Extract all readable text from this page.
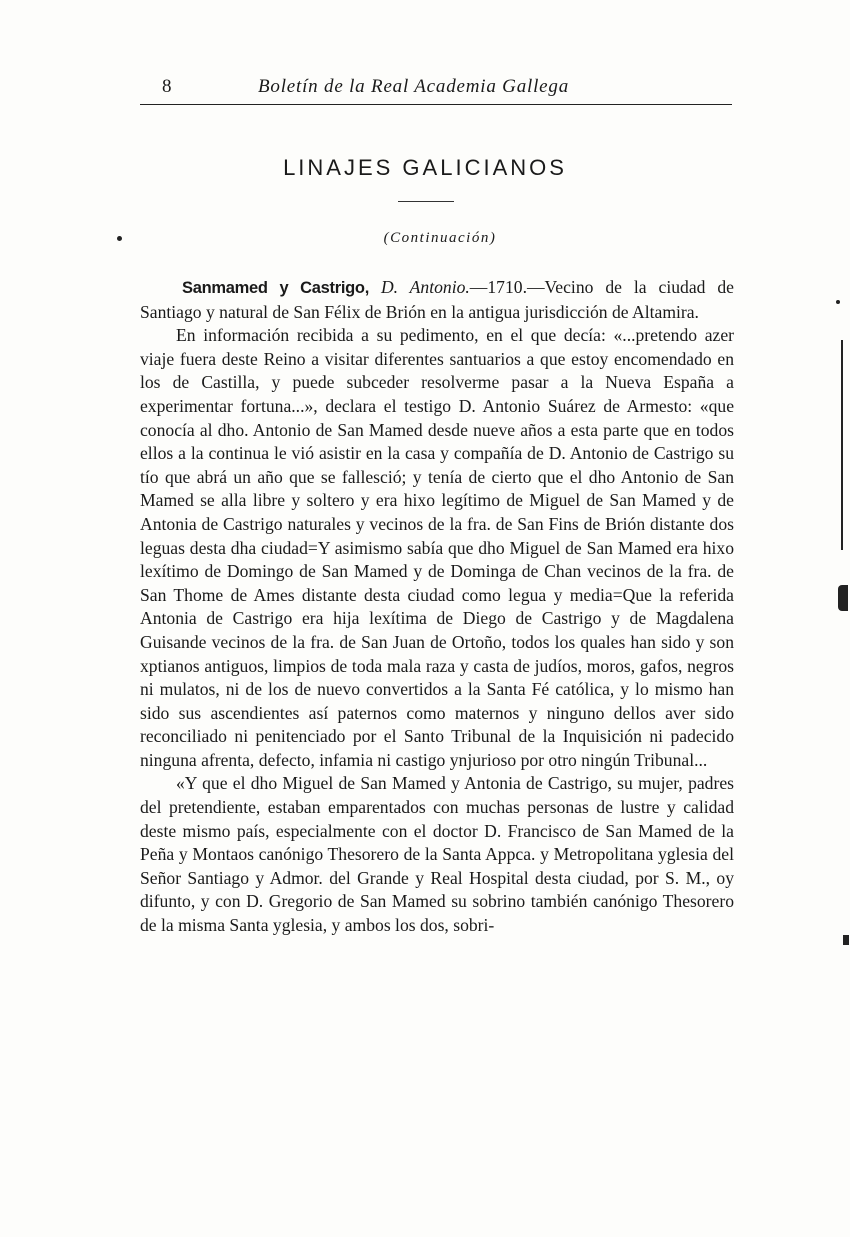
8	Boletín de la Real Academia Gallega
LINAJES GALICIANOS
(Continuación)

Sanmamed y Castrigo, D. Antonio.—1710.—Vecino de la ciudad de Santiago y natural de San Félix de Brión en la antigua jurisdicción de Altamira.

En información recibida a su pedimento, en el que decía: «...pretendo azer viaje fuera deste Reino a visitar diferentes santuarios a que estoy encomendado en los de Castilla, y puede subceder resolverme pasar a la Nueva España a experimentar fortuna...», declara el testigo D. Antonio Suárez de Armesto: «que conocía al dho. Antonio de San Mamed desde nueve años a esta parte que en todos ellos a la continua le vió asistir en la casa y compañía de D. Antonio de Castrigo su tío que abrá un año que se fallesció; y tenía de cierto que el dho Antonio de San Mamed se alla libre y soltero y era hixo legítimo de Miguel de San Mamed y de Antonia de Castrigo naturales y vecinos de la fra. de San Fins de Brión distante dos leguas desta dha ciudad=Y asimismo sabía que dho Miguel de San Mamed era hixo lexítimo de Domingo de San Mamed y de Dominga de Chan vecinos de la fra. de San Thome de Ames distante desta ciudad como legua y media=Que la referida Antonia de Castrigo era hija lexítima de Diego de Castrigo y de Magdalena Guisande vecinos de la fra. de San Juan de Ortoño, todos los quales han sido y son xptianos antiguos, limpios de toda mala raza y casta de judíos, moros, gafos, negros ni mulatos, ni de los de nuevo convertidos a la Santa Fé católica, y lo mismo han sido sus ascendientes así paternos como maternos y ninguno dellos aver sido reconciliado ni penitenciado por el Santo Tribunal de la Inquisición ni padecido ninguna afrenta, defecto, infamia ni castigo ynjurioso por otro ningún Tribunal...

«Y que el dho Miguel de San Mamed y Antonia de Castrigo, su mujer, padres del pretendiente, estaban emparentados con muchas personas de lustre y calidad deste mismo país, especialmente con el doctor D. Francisco de San Mamed de la Peña y Montaos canónigo Thesorero de la Santa Appca. y Metropolitana yglesia del Señor Santiago y Admor. del Grande y Real Hospital desta ciudad, por S. M., oy difunto, y con D. Gregorio de San Mamed su sobrino también canónigo Thesorero de la misma Santa yglesia, y ambos los dos, sobri-
